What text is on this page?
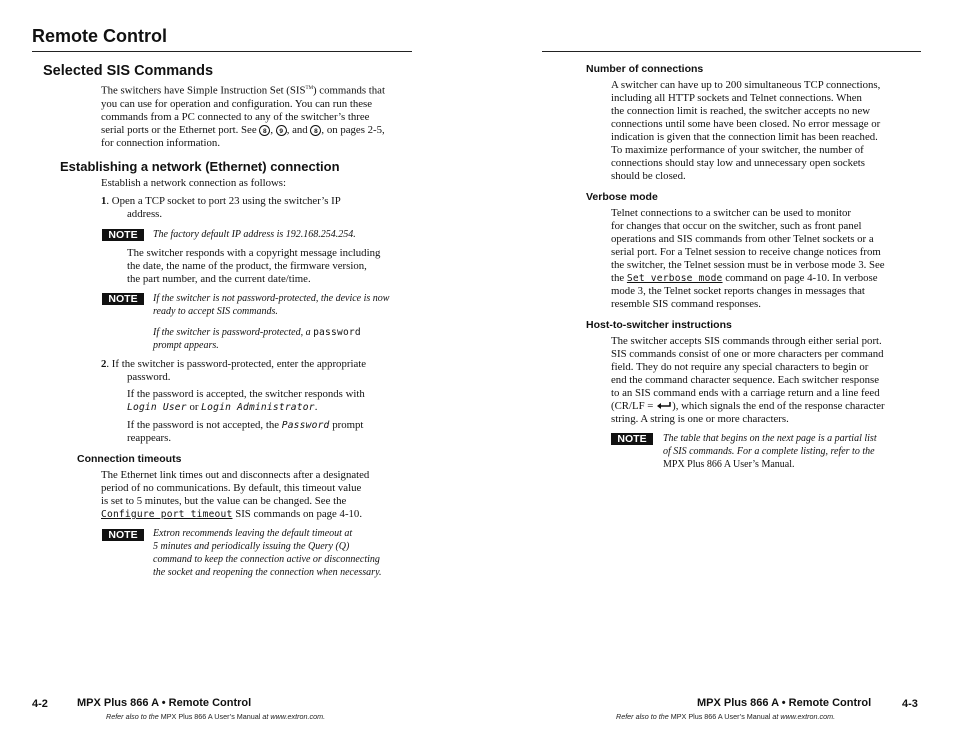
Remote Control
Selected SIS Commands

The switchers have Simple Instruction Set (SIS™) commands that
you can use for operation and configuration. You can run these
commands from a PC connected to any of the switcher’s three
serial ports or the Ethernet port. See 8 , 9 , and 8 , on pages 2-5,
for connection information.

Establishing a network (Ethernet) connection

Establish a network connection as follows:

1. Open a TCP socket to port 23 using the switcher’s IP
address.

NOTE	The factory default IP address is 192.168.254.254.

The switcher responds with a copyright message including
the date, the name of the product, the firmware version,
the part number, and the current date/time.

NOTE	If the switcher is not password-protected, the device is now
ready to accept SIS commands.

If the switcher is password-protected, a password
prompt appears.

2. If the switcher is password-protected, enter the appropriate
password.

If the password is accepted, the switcher responds with
Login User or Login Administrator.

If the password is not accepted, the Password prompt
reappears.

Connection timeouts

The Ethernet link times out and disconnects after a designated
period of no communications. By default, this timeout value
is set to 5 minutes, but the value can be changed. See the
Configure port timeout SIS commands on page 4-10.

NOTE	Extron recommends leaving the default timeout at
5 minutes and periodically issuing the Query (Q)
command to keep the connection active or disconnecting
the socket and reopening the connection when necessary.

4-2	MPX Plus 866 A • Remote Control
Refer also to the MPX Plus 866 A User’s Manual at www.extron.com.
Number of connections

A switcher can have up to 200 simultaneous TCP connections,
including all HTTP sockets and Telnet connections. When
the connection limit is reached, the switcher accepts no new
connections until some have been closed. No error message or
indication is given that the connection limit has been reached.
To maximize performance of your switcher, the number of
connections should stay low and unnecessary open sockets
should be closed.

Verbose mode

Telnet connections to a switcher can be used to monitor
for changes that occur on the switcher, such as front panel
operations and SIS commands from other Telnet sockets or a
serial port. For a Telnet session to receive change notices from
the switcher, the Telnet session must be in verbose mode 3. See
the Set verbose mode command on page 4-10. In verbose
mode 3, the Telnet socket reports changes in messages that
resemble SIS command responses.

Host-to-switcher instructions

The switcher accepts SIS commands through either serial port.
SIS commands consist of one or more characters per command
field. They do not require any special characters to begin or
end the command character sequence. Each switcher response
to an SIS command ends with a carriage return and a line feed
(CR/LF = ), which signals the end of the response character
string. A string is one or more characters.

NOTE	The table that begins on the next page is a partial list
of SIS commands. For a complete listing, refer to the
MPX Plus 866 A User’s Manual.

MPX Plus 866 A • Remote Control	4-3
Refer also to the MPX Plus 866 A User’s Manual at www.extron.com.
